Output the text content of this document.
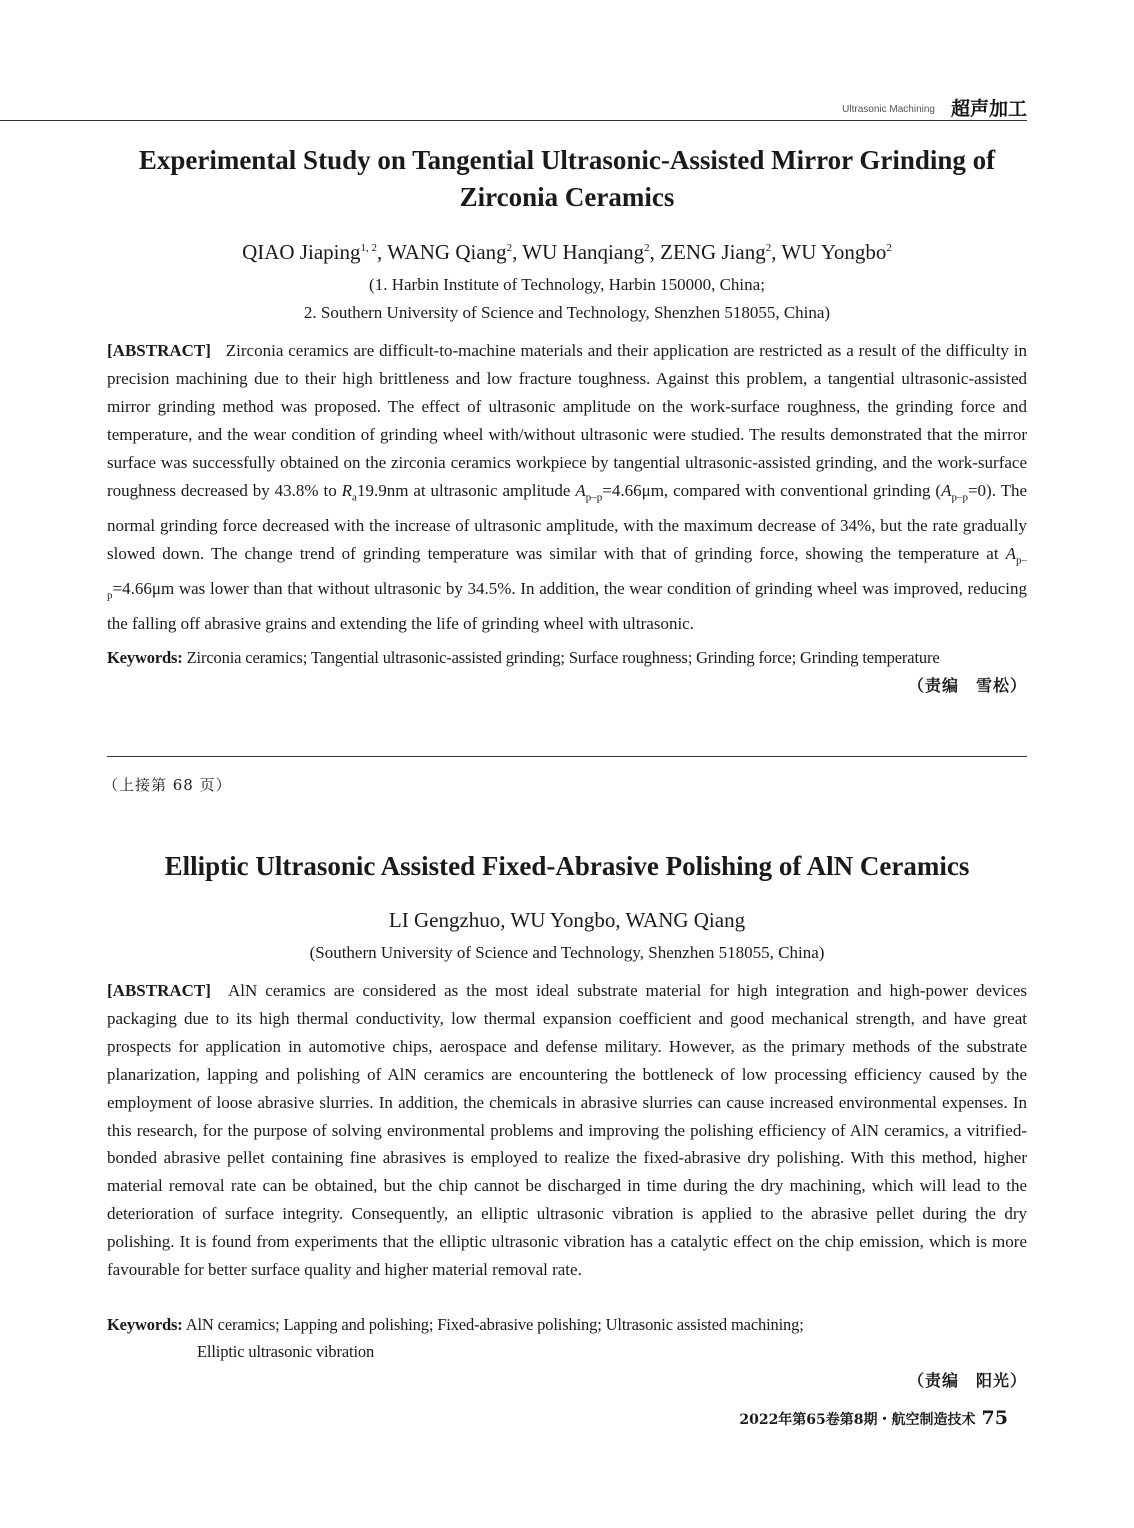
Ultrasonic Machining 超声加工
Experimental Study on Tangential Ultrasonic-Assisted Mirror Grinding of
Zirconia Ceramics
QIAO Jiaping$^{1, 2}$, WANG Qiang$^2$, WU Hanqiang$^2$, ZENG Jiang$^2$, WU Yongbo$^2$
(1. Harbin Institute of Technology, Harbin 150000, China;
2. Southern University of Science and Technology, Shenzhen 518055, China)
[ABSTRACT] Zirconia ceramics are difficult-to-machine materials and their application are restricted as a result of the difficulty in precision machining due to their high brittleness and low fracture toughness. Against this problem, a tangential ultrasonic-assisted mirror grinding method was proposed. The effect of ultrasonic amplitude on the work-surface roughness, the grinding force and temperature, and the wear condition of grinding wheel with/without ultrasonic were studied. The results demonstrated that the mirror surface was successfully obtained on the zirconia ceramics workpiece by tangential ultrasonic-assisted grinding, and the work-surface roughness decreased by 43.8% to $R_a19.9nm$ at ultrasonic amplitude $A_{p-p}=4.66\mu m$, compared with conventional grinding $(A_{p-p}=0)$. The normal grinding force decreased with the increase of ultrasonic amplitude, with the maximum decrease of 34%, but the rate gradually slowed down. The change trend of grinding temperature was similar with that of grinding force, showing the temperature at $A_{p-p}=4.66\mu m$ was lower than that without ultrasonic by 34.5%. In addition, the wear condition of grinding wheel was improved, reducing the falling off abrasive grains and extending the life of grinding wheel with ultrasonic.
Keywords: Zirconia ceramics; Tangential ultrasonic-assisted grinding; Surface roughness; Grinding force; Grinding temperature
（责编　雪松）
（上接第 68 页）
Elliptic Ultrasonic Assisted Fixed-Abrasive Polishing of AlN Ceramics
LI Gengzhuo, WU Yongbo, WANG Qiang
(Southern University of Science and Technology, Shenzhen 518055, China)
[ABSTRACT] AlN ceramics are considered as the most ideal substrate material for high integration and high-power devices packaging due to its high thermal conductivity, low thermal expansion coefficient and good mechanical strength, and have great prospects for application in automotive chips, aerospace and defense military. However, as the primary methods of the substrate planarization, lapping and polishing of AlN ceramics are encountering the bottleneck of low processing efficiency caused by the employment of loose abrasive slurries. In addition, the chemicals in abrasive slurries can cause increased environmental expenses. In this research, for the purpose of solving environmental problems and improving the polishing efficiency of AlN ceramics, a vitrified-bonded abrasive pellet containing fine abrasives is employed to realize the fixed-abrasive dry polishing. With this method, higher material removal rate can be obtained, but the chip cannot be discharged in time during the dry machining, which will lead to the deterioration of surface integrity. Consequently, an elliptic ultrasonic vibration is applied to the abrasive pellet during the dry polishing. It is found from experiments that the elliptic ultrasonic vibration has a catalytic effect on the chip emission, which is more favourable for better surface quality and higher material removal rate.
Keywords: AlN ceramics; Lapping and polishing; Fixed-abrasive polishing; Ultrasonic assisted machining;
Elliptic ultrasonic vibration
（责编　阳光）
2022年第65卷第8期・航空制造技术 75
